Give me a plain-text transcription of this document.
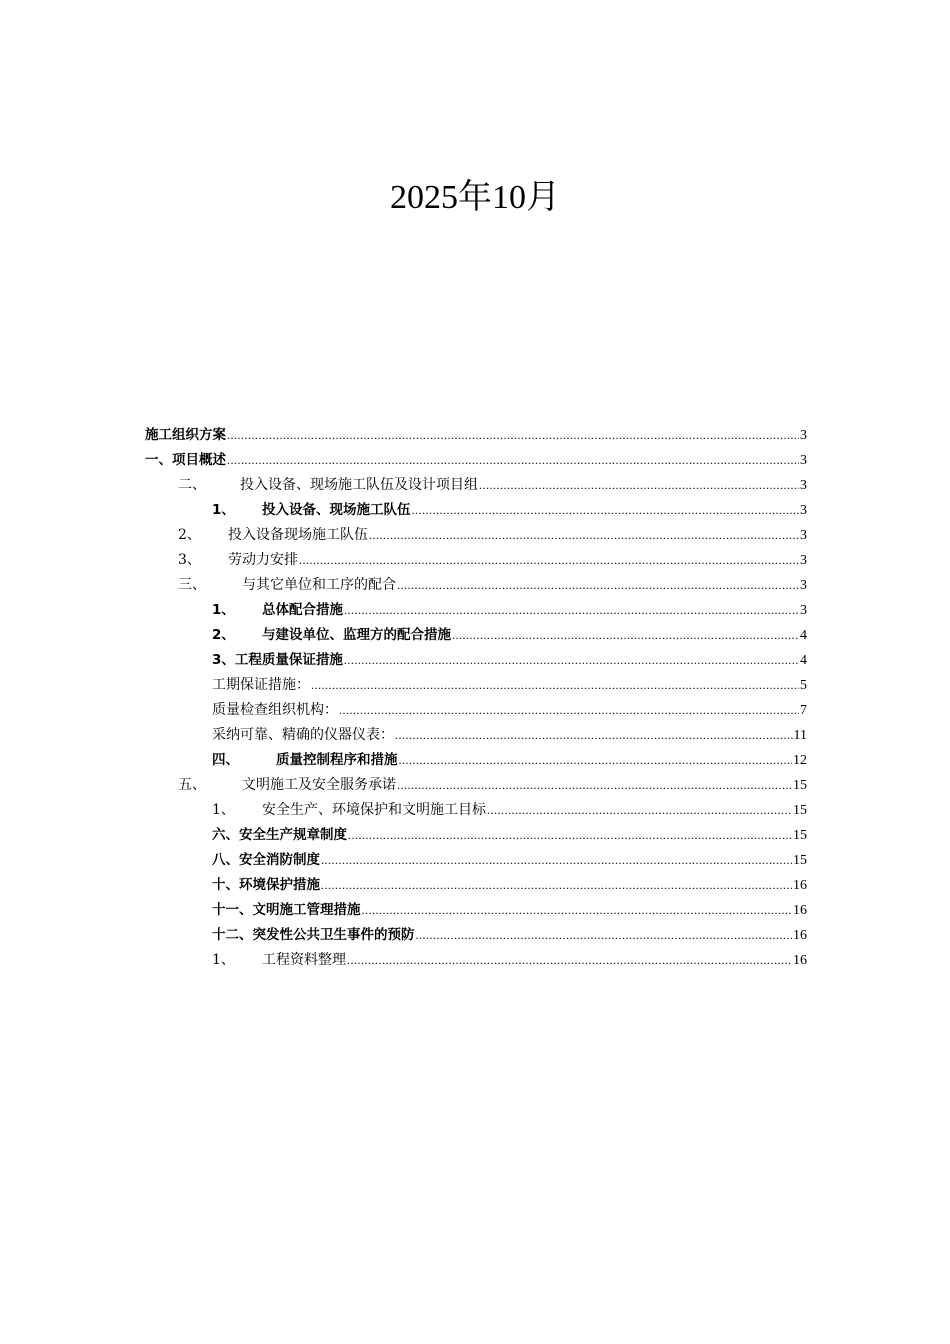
2025年10月
施工组织方案 .....	3
一、项目概述 .....	3
二、	投入设备、现场施工队伍及设计项目组 .....	3
1、	投入设备、现场施工队伍 .....	3
2、	投入设备现场施工队伍 .....	3
3、	劳动力安排 .....	3
三、	与其它单位和工序的配合 .....	3
1、	总体配合措施 .....	3
2、	与建设单位、监理方的配合措施 .....	4
3、工程质量保证措施 .....	4
工期保证措施： .....	5
质量检查组织机构： .....	7
采纳可靠、精确的仪器仪表： .....	11
四、	质量控制程序和措施 .....	12
五、	文明施工及安全服务承诺 .....	15
1、	安全生产、环境保护和文明施工目标 .....	15
六、安全生产规章制度 .....	15
八、安全消防制度 .....	15
十、环境保护措施 .....	16
十一、文明施工管理措施 .....	16
十二、突发性公共卫生事件的预防 .....	16
1、	工程资料整理 .....	16
